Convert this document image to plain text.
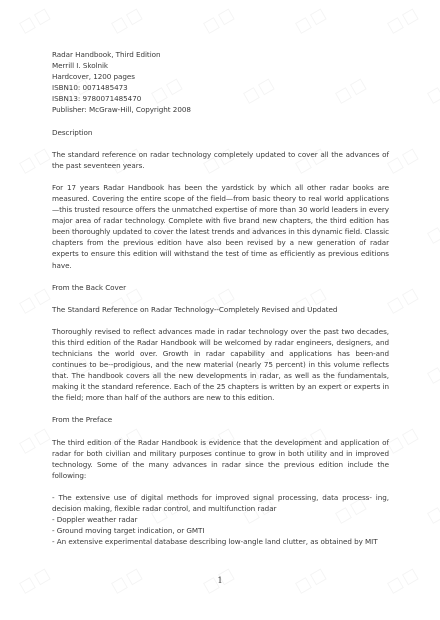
Radar Handbook, Third Edition
Merrill I. Skolnik
Hardcover, 1200 pages
ISBN10: 0071485473
ISBN13: 9780071485470
Publisher: McGraw-Hill, Copyright 2008
Description

The standard reference on radar technology completely updated to cover all the advances of the past seventeen years.

For 17 years Radar Handbook has been the yardstick by which all other radar books are measured. Covering the entire scope of the field—from basic theory to real world applications—this trusted resource offers the unmatched expertise of more than 30 world leaders in every major area of radar technology. Complete with five brand new chapters, the third edition has been thoroughly updated to cover the latest trends and advances in this dynamic field. Classic chapters from the previous edition have also been revised by a new generation of radar experts to ensure this edition will withstand the test of time as efficiently as previous editions have.

From the Back Cover

The Standard Reference on Radar Technology--Completely Revised and Updated

Thoroughly revised to reflect advances made in radar technology over the past two decades, this third edition of the Radar Handbook will be welcomed by radar engineers, designers, and technicians the world over. Growth in radar capability and applications has been-and continues to be--prodigious, and the new material (nearly 75 percent) in this volume reflects that. The handbook covers all the new developments in radar, as well as the fundamentals, making it the standard reference. Each of the 25 chapters is written by an expert or experts in the field; more than half of the authors are new to this edition.

From the Preface

The third edition of the Radar Handbook is evidence that the development and application of radar for both civilian and military purposes continue to grow in both utility and in improved technology. Some of the many advances in radar since the previous edition include the following:

- The extensive use of digital methods for improved signal processing, data process- ing, decision making, flexible radar control, and multifunction radar

- Doppler weather radar

- Ground moving target indication, or GMTI

- An extensive experimental database describing low-angle land clutter, as obtained by MIT

1
